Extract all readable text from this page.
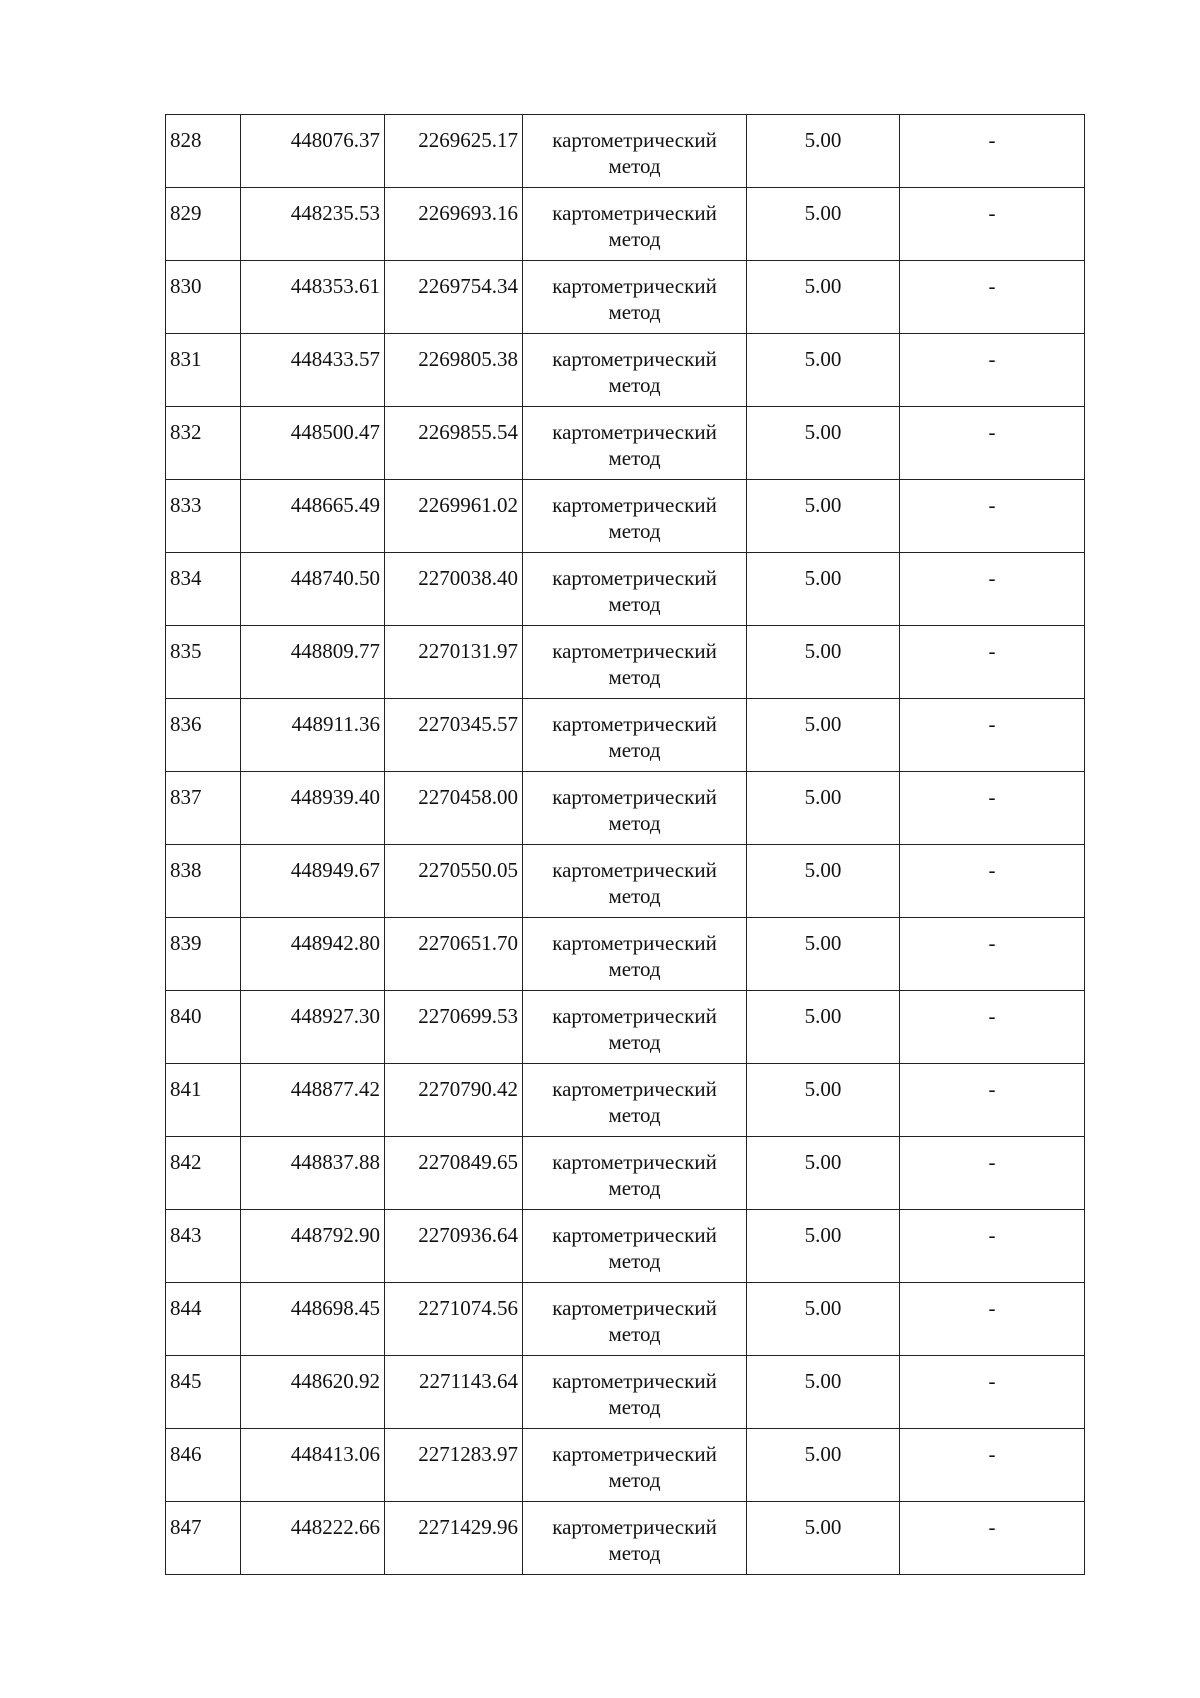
828	448076.37	2269625.17	картометрический метод	5.00	-
829	448235.53	2269693.16	картометрический метод	5.00	-
830	448353.61	2269754.34	картометрический метод	5.00	-
831	448433.57	2269805.38	картометрический метод	5.00	-
832	448500.47	2269855.54	картометрический метод	5.00	-
833	448665.49	2269961.02	картометрический метод	5.00	-
834	448740.50	2270038.40	картометрический метод	5.00	-
835	448809.77	2270131.97	картометрический метод	5.00	-
836	448911.36	2270345.57	картометрический метод	5.00	-
837	448939.40	2270458.00	картометрический метод	5.00	-
838	448949.67	2270550.05	картометрический метод	5.00	-
839	448942.80	2270651.70	картометрический метод	5.00	-
840	448927.30	2270699.53	картометрический метод	5.00	-
841	448877.42	2270790.42	картометрический метод	5.00	-
842	448837.88	2270849.65	картометрический метод	5.00	-
843	448792.90	2270936.64	картометрический метод	5.00	-
844	448698.45	2271074.56	картометрический метод	5.00	-
845	448620.92	2271143.64	картометрический метод	5.00	-
846	448413.06	2271283.97	картометрический метод	5.00	-
847	448222.66	2271429.96	картометрический метод	5.00	-
